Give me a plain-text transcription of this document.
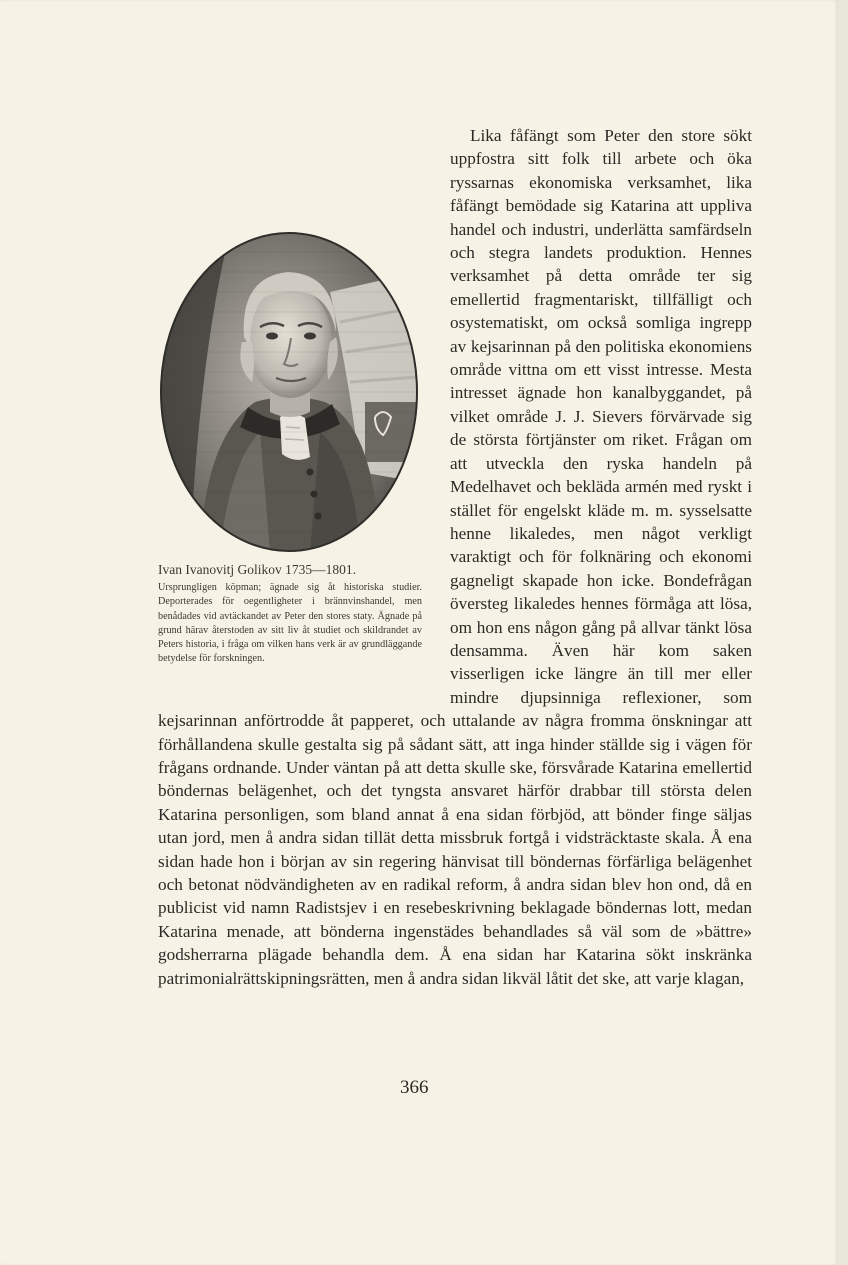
Ivan Ivanovitj Golikov 1735—1801.

Ursprungligen köpman; ägnade sig åt historiska studier. Deporterades för oegentligheter i brännvinshandel, men benådades vid avtäckandet av Peter den stores staty. Ägnade på grund härav återstoden av sitt liv åt studiet och skildrandet av Peters historia, i fråga om vilken hans verk är av grundläggande betydelse för forskningen.

Lika fåfängt som Peter den store sökt uppfostra sitt folk till arbete och öka ryssarnas ekonomiska verksamhet, lika fåfängt bemödade sig Katarina att uppliva handel och industri, underlätta samfärdseln och stegra landets produktion. Hennes verksamhet på detta område ter sig emellertid fragmentariskt, tillfälligt och osystematiskt, om också somliga ingrepp av kejsarinnan på den politiska ekonomiens område vittna om ett visst intresse. Mesta intresset ägnade hon kanalbyggandet, på vilket område J. J. Sievers förvärvade sig de största förtjänster om riket. Frågan om att utveckla den ryska handeln på Medelhavet och bekläda armén med ryskt i stället för engelskt kläde m. m. sysselsatte henne likaledes, men något verkligt varaktigt och för folknäring och ekonomi gagneligt skapade hon icke. Bondefrågan översteg likaledes hennes förmåga att lösa, om hon ens någon gång på allvar tänkt lösa densamma. Även här kom saken visserligen icke längre än till mer eller mindre djupsinniga reflexioner, som kejsarinnan anförtrodde åt papperet, och uttalande av några fromma önskningar att förhållandena skulle gestalta sig på sådant sätt, att inga hinder ställde sig i vägen för frågans ordnande. Under väntan på att detta skulle ske, försvårade Katarina emellertid böndernas belägenhet, och det tyngsta ansvaret härför drabbar till största delen Katarina personligen, som bland annat å ena sidan förbjöd, att bönder finge säljas utan jord, men å andra sidan tillät detta missbruk fortgå i vidsträcktaste skala. Å ena sidan hade hon i början av sin regering hänvisat till böndernas förfärliga belägenhet och betonat nödvändigheten av en radikal reform, å andra sidan blev hon ond, då en publicist vid namn Radistsjev i en resebeskrivning beklagade böndernas lott, medan Katarina menade, att bönderna ingenstädes behandlades så väl som de »bättre» godsherrarna plägade behandla dem. Å ena sidan har Katarina sökt inskränka patrimonialrättskipningsrätten, men å andra sidan likväl låtit det ske, att varje klagan,

366
